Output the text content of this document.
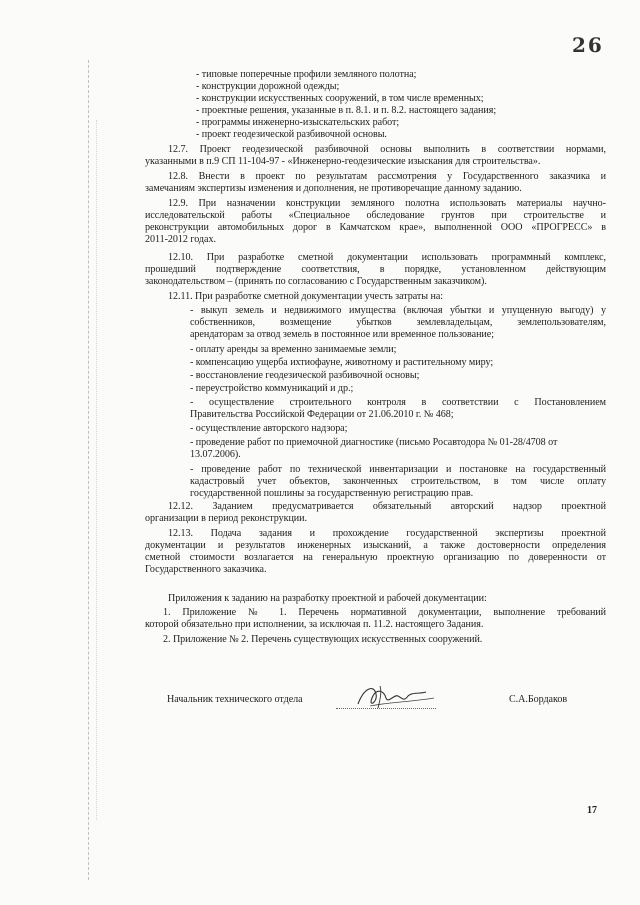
26
- типовые поперечные профили земляного полотна;
- конструкции дорожной одежды;
- конструкции искусственных сооружений, в том числе временных;
- проектные решения, указанные в п. 8.1. и п. 8.2. настоящего задания;
- программы инженерно-изыскательских работ;
- проект геодезической разбивочной основы.
12.7. Проект геодезической разбивочной основы выполнить в соответствии нормами,
указанными в п.9 СП 11-104-97 - «Инженерно-геодезические изыскания для строительства».
12.8. Внести в проект по результатам рассмотрения у Государственного заказчика и
замечаниям экспертизы изменения и дополнения, не противоречащие данному заданию.
12.9. При назначении конструкции земляного полотна использовать материалы научно-
исследовательской работы «Специальное обследование грунтов при строительстве и
реконструкции автомобильных дорог в Камчатском крае», выполненной ООО «ПРОГРЕСС» в
2011-2012 годах.
12.10. При разработке сметной документации использовать программный комплекс,
прошедший подтверждение соответствия, в порядке, установленном действующим
законодательством – (принять по согласованию с Государственным заказчиком).
12.11. При разработке сметной документации учесть затраты на:
- выкуп земель и недвижимого имущества (включая убытки и упущенную выгоду) у
собственников, возмещение убытков землевладельцам, землепользователям,
арендаторам за отвод земель в постоянное или временное пользование;
- оплату аренды за временно занимаемые земли;
- компенсацию ущерба ихтиофауне, животному и растительному миру;
- восстановление геодезической разбивочной основы;
- переустройство коммуникаций и др.;
- осуществление строительного контроля в соответствии с Постановлением
Правительства Российской Федерации от 21.06.2010 г. № 468;
- осуществление авторского надзора;
- проведение работ по приемочной диагностике (письмо Росавтодора № 01-28/4708 от
13.07.2006).
- проведение работ по технической инвентаризации и постановке на государственный
кадастровый учет объектов, законченных строительством, в том числе оплату
государственной пошлины за государственную регистрацию прав.
12.12. Заданием предусматривается обязательный авторский надзор проектной
организации в период реконструкции.
12.13. Подача задания и прохождение государственной экспертизы проектной
документации и результатов инженерных изысканий, а также достоверности определения
сметной стоимости возлагается на генеральную проектную организацию по доверенности от
Государственного заказчика.
Приложения к заданию на разработку проектной и рабочей документации:
1. Приложение № 1. Перечень нормативной документации, выполнение требований
которой обязательно при исполнении, за исключая п. 11.2. настоящего Задания.
2. Приложение № 2. Перечень существующих искусственных сооружений.
Начальник технического отдела	С.А.Бордаков
17
